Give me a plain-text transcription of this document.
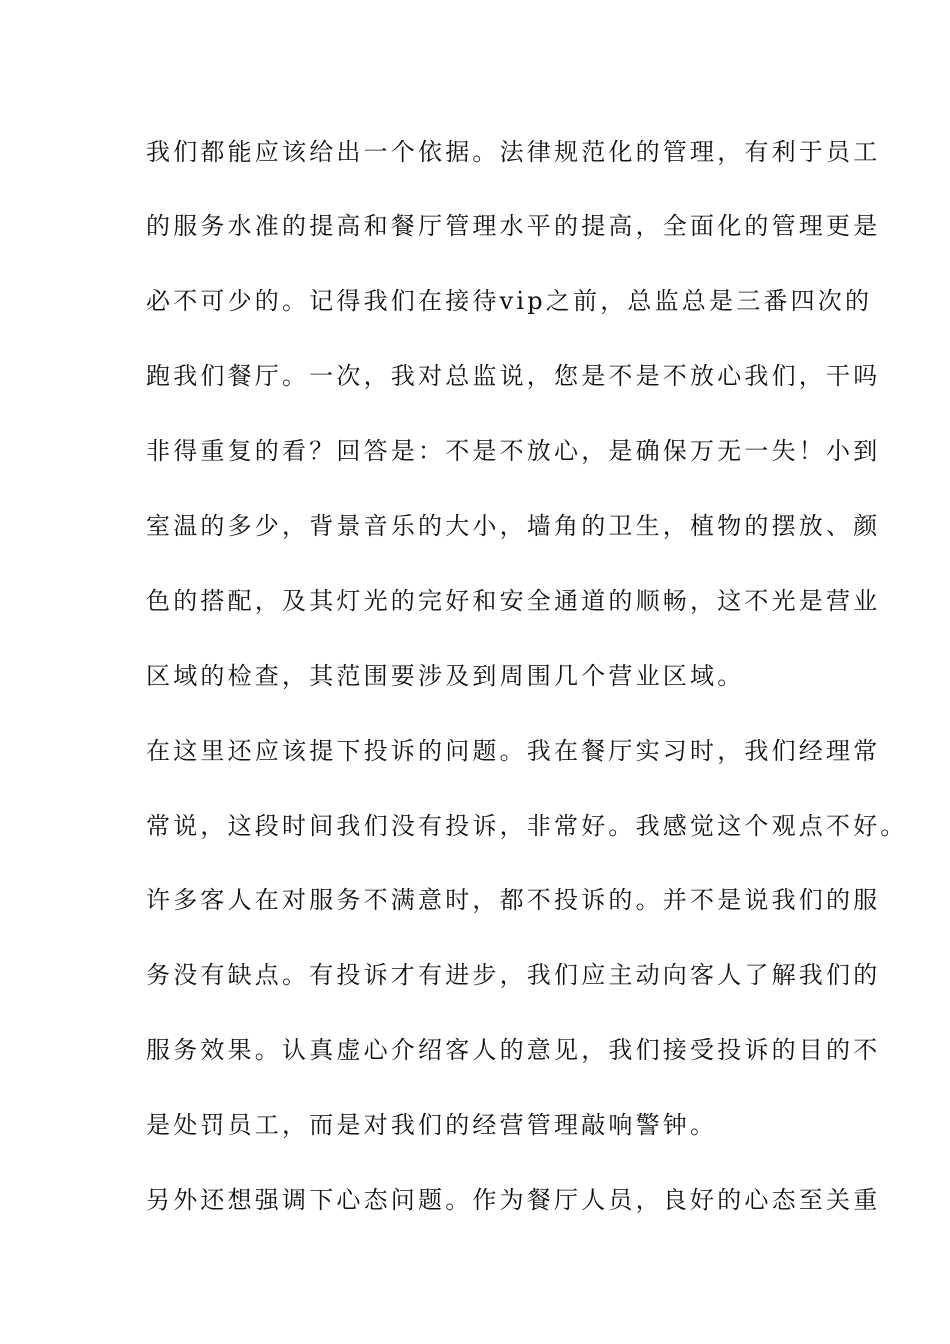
我们都能应该给出一个依据。法律规范化的管理，有利于员工
的服务水准的提高和餐厅管理水平的提高，全面化的管理更是
必不可少的。记得我们在接待vip之前，总监总是三番四次的
跑我们餐厅。一次，我对总监说，您是不是不放心我们，干吗
非得重复的看？回答是：不是不放心，是确保万无一失！小到
室温的多少，背景音乐的大小，墙角的卫生，植物的摆放、颜
色的搭配，及其灯光的完好和安全通道的顺畅，这不光是营业
区域的检查，其范围要涉及到周围几个营业区域。
在这里还应该提下投诉的问题。我在餐厅实习时，我们经理常
常说，这段时间我们没有投诉，非常好。我感觉这个观点不好。
许多客人在对服务不满意时，都不投诉的。并不是说我们的服
务没有缺点。有投诉才有进步，我们应主动向客人了解我们的
服务效果。认真虚心介绍客人的意见，我们接受投诉的目的不
是处罚员工，而是对我们的经营管理敲响警钟。
另外还想强调下心态问题。作为餐厅人员，良好的心态至关重
